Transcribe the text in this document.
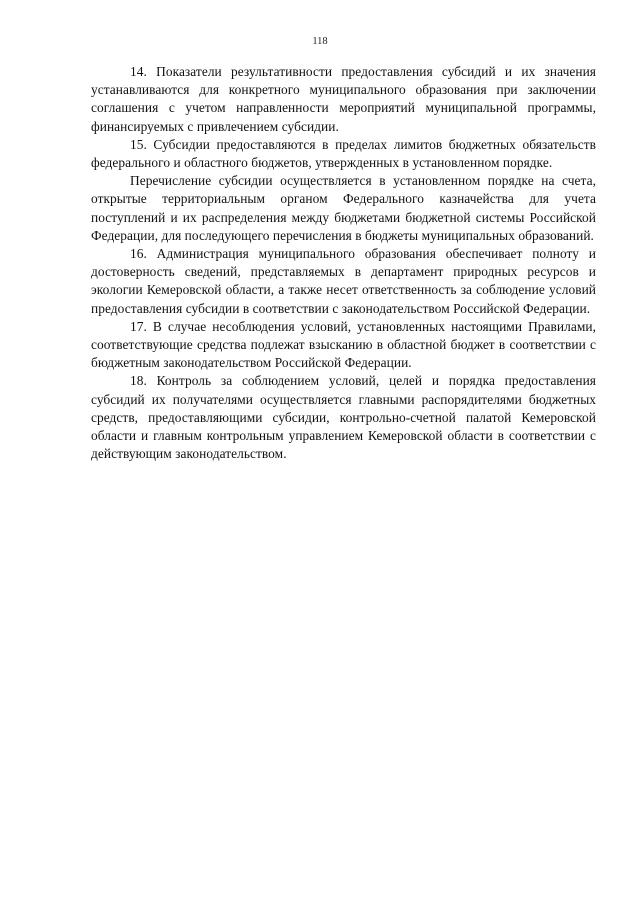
118

14. Показатели результативности предоставления субсидий и их значения устанавливаются для конкретного муниципального образования при заключении соглашения с учетом направленности мероприятий муниципальной программы, финансируемых с привлечением субсидии.

15. Субсидии предоставляются в пределах лимитов бюджетных обязательств федерального и областного бюджетов, утвержденных в установленном порядке.

Перечисление субсидии осуществляется в установленном порядке на счета, открытые территориальным органом Федерального казначейства для учета поступлений и их распределения между бюджетами бюджетной системы Российской Федерации, для последующего перечисления в бюджеты муниципальных образований.

16. Администрация муниципального образования обеспечивает полноту и достоверность сведений, представляемых в департамент природных ресурсов и экологии Кемеровской области, а также несет ответственность за соблюдение условий предоставления субсидии в соответствии с законодательством Российской Федерации.

17. В случае несоблюдения условий, установленных настоящими Правилами, соответствующие средства подлежат взысканию в областной бюджет в соответствии с бюджетным законодательством Российской Федерации.

18. Контроль за соблюдением условий, целей и порядка предоставления субсидий их получателями осуществляется главными распорядителями бюджетных средств, предоставляющими субсидии, контрольно-счетной палатой Кемеровской области и главным контрольным управлением Кемеровской области в соответствии с действующим законодательством.
